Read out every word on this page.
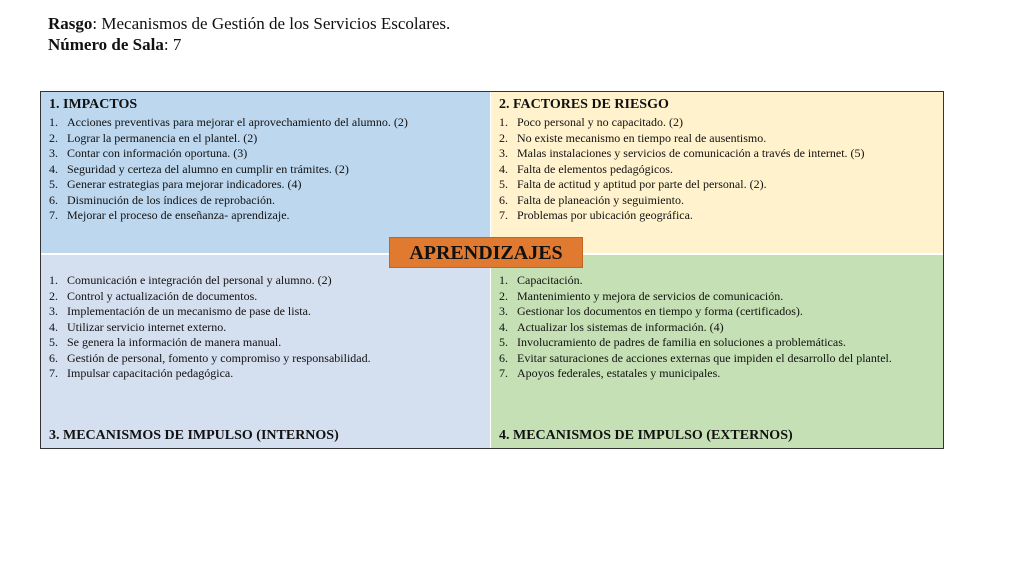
Rasgo: Mecanismos de Gestión de los Servicios Escolares.
Número de Sala: 7
1. IMPACTOS
1. Acciones preventivas para mejorar el aprovechamiento del alumno. (2)
2. Lograr la permanencia en el plantel. (2)
3. Contar con información oportuna. (3)
4. Seguridad y certeza del alumno en cumplir en trámites. (2)
5. Generar estrategias para mejorar indicadores. (4)
6. Disminución de los índices de reprobación.
7. Mejorar el proceso de enseñanza- aprendizaje.
2. FACTORES DE RIESGO
1. Poco personal y no capacitado. (2)
2. No existe mecanismo en tiempo real de ausentismo.
3. Malas instalaciones y servicios de comunicación a través de internet. (5)
4. Falta de elementos pedagógicos.
5. Falta de actitud y aptitud por parte del personal. (2).
6. Falta de planeación y seguimiento.
7. Problemas por ubicación geográfica.
1. Comunicación e integración del personal y alumno. (2)
2. Control y actualización de documentos.
3. Implementación de un mecanismo de pase de lista.
4. Utilizar servicio internet externo.
5. Se genera la información de manera manual.
6. Gestión de personal, fomento y compromiso y responsabilidad.
7. Impulsar capacitación pedagógica.
3. MECANISMOS DE IMPULSO (INTERNOS)
1. Capacitación.
2. Mantenimiento y mejora de servicios de comunicación.
3. Gestionar los documentos en tiempo y forma (certificados).
4. Actualizar los sistemas de información. (4)
5. Involucramiento de padres de familia en soluciones a problemáticas.
6. Evitar saturaciones de acciones externas que impiden el desarrollo del plantel.
7. Apoyos federales, estatales y municipales.
4. MECANISMOS DE IMPULSO (EXTERNOS)
APRENDIZAJES
